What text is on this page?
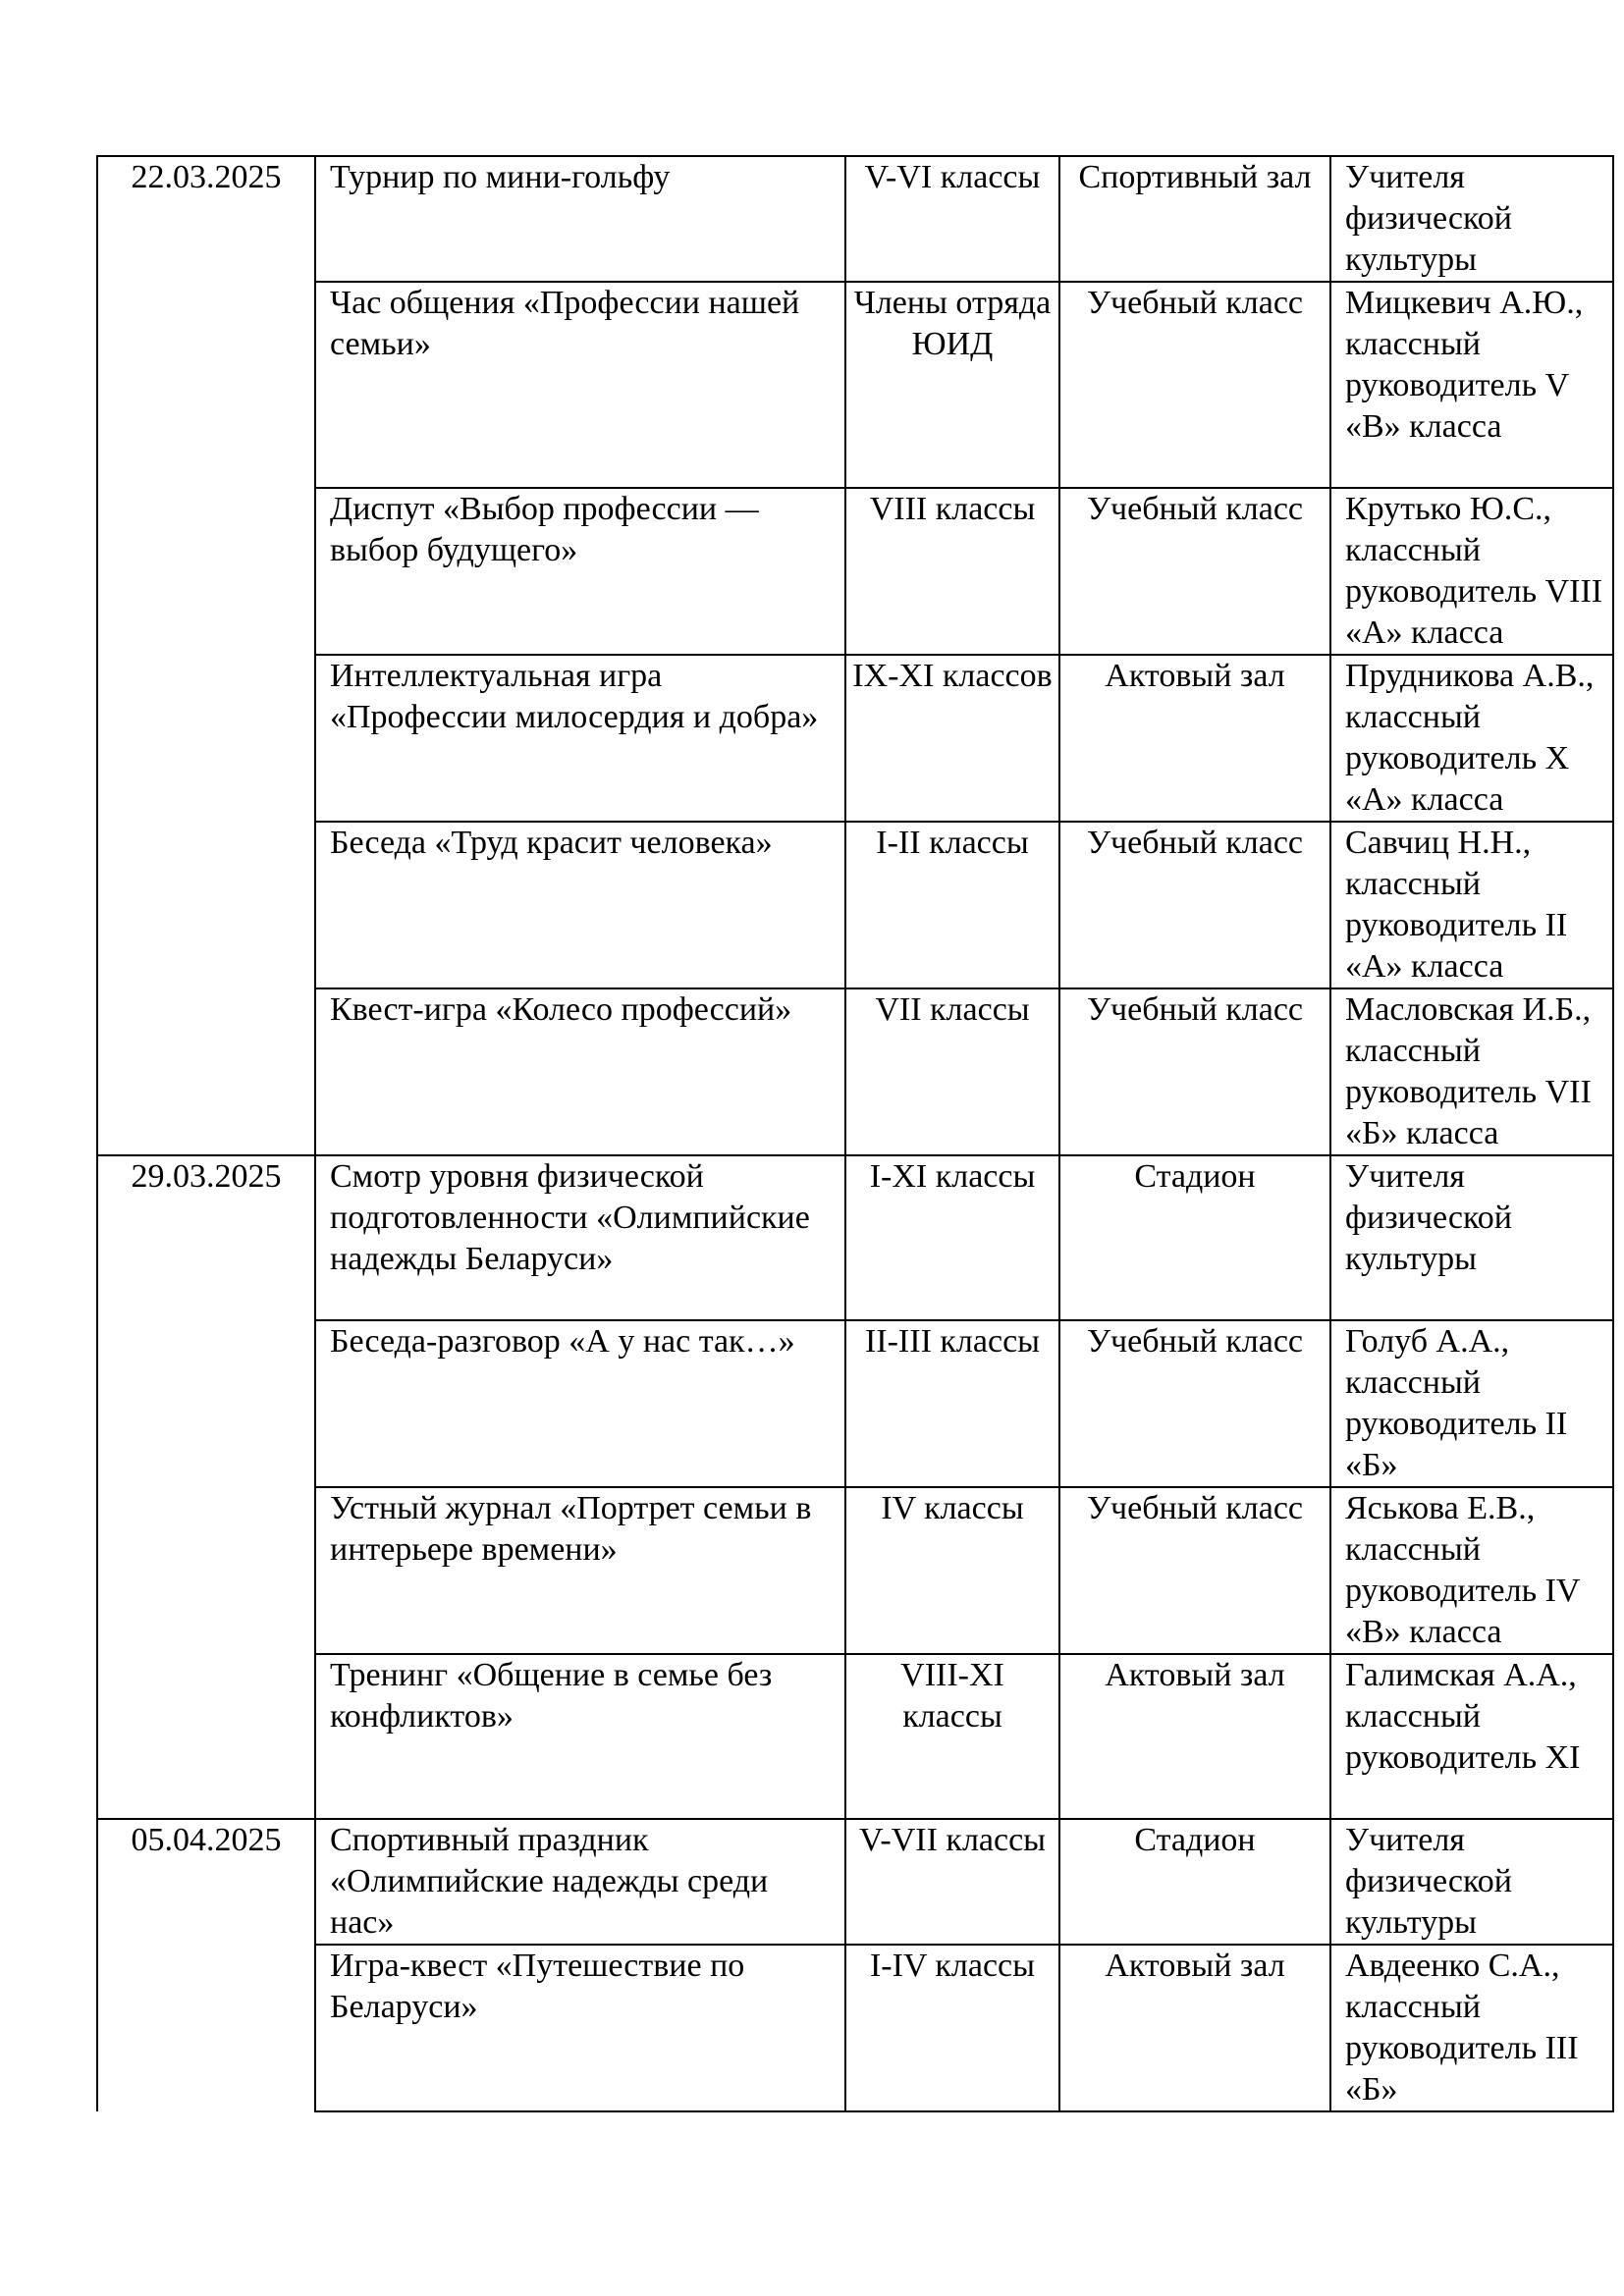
22.03.2025	Турнир по мини-гольфу	V-VI классы	Спортивный зал	Учителя физической культуры
	Час общения «Профессии нашей семьи»	Члены отряда ЮИД	Учебный класс	Мицкевич А.Ю., классный руководитель V «В» класса
	Диспут «Выбор профессии — выбор будущего»	VIII классы	Учебный класс	Крутько Ю.С., классный руководитель VIII «А» класса
	Интеллектуальная игра «Профессии милосердия и добра»	IX-XI классов	Актовый зал	Прудникова А.В., классный руководитель X «А» класса
	Беседа «Труд красит человека»	I-II классы	Учебный класс	Савчиц Н.Н., классный руководитель II «А» класса
	Квест-игра «Колесо профессий»	VII классы	Учебный класс	Масловская И.Б., классный руководитель VII «Б» класса
29.03.2025	Смотр уровня физической подготовленности «Олимпийские надежды Беларуси»	I-XI классы	Стадион	Учителя физической культуры
	Беседа-разговор «А у нас так…»	II-III классы	Учебный класс	Голуб А.А., классный руководитель II «Б»
	Устный журнал «Портрет семьи в интерьере времени»	IV классы	Учебный класс	Яськова Е.В., классный руководитель IV «В» класса
	Тренинг «Общение в семье без конфликтов»	VIII-XI классы	Актовый зал	Галимская А.А., классный руководитель XI
05.04.2025	Спортивный праздник «Олимпийские надежды среди нас»	V-VII классы	Стадион	Учителя физической культуры
	Игра-квест «Путешествие по Беларуси»	I-IV классы	Актовый зал	Авдеенко С.А., классный руководитель III «Б»
